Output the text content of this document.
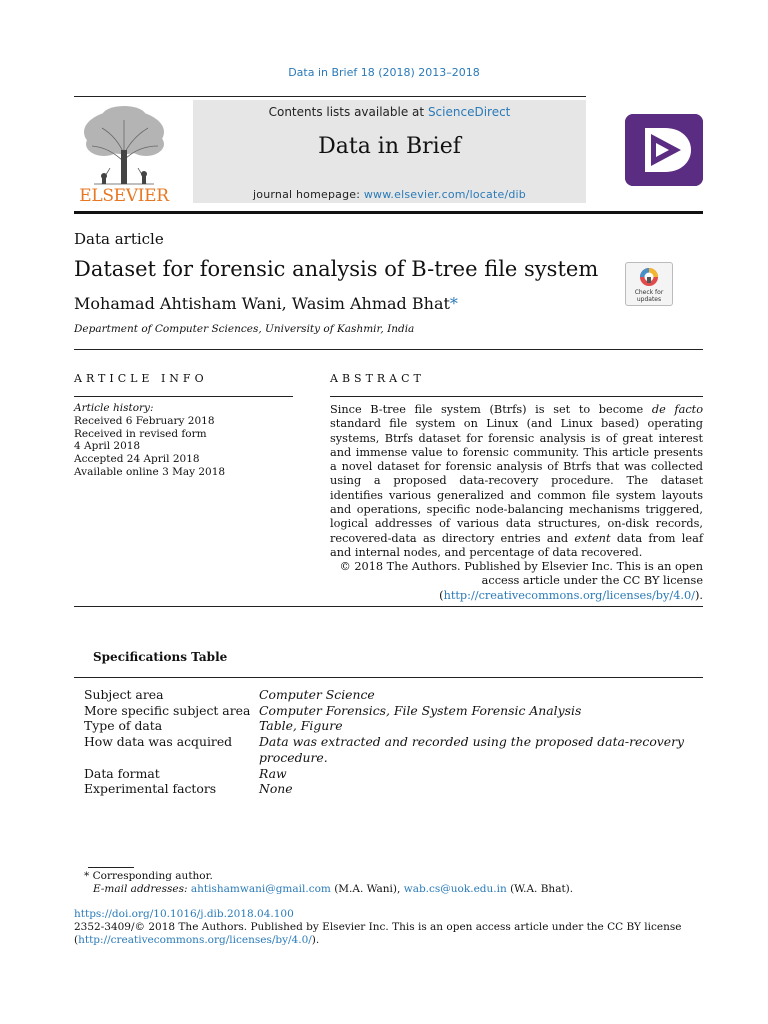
Data in Brief 18 (2018) 2013–2018
ELSEVIER
Contents lists available at ScienceDirect
Data in Brief
journal homepage: www.elsevier.com/locate/dib
Data article
Dataset for forensic analysis of B-tree file system
Check for
updates
Mohamad Ahtisham Wani, Wasim Ahmad Bhat*
Department of Computer Sciences, University of Kashmir, India
ARTICLE INFO
Article history:
Received 6 February 2018
Received in revised form
4 April 2018
Accepted 24 April 2018
Available online 3 May 2018
ABSTRACT
Since B-tree file system (Btrfs) is set to become de facto standard file system on Linux (and Linux based) operating systems, Btrfs dataset for forensic analysis is of great interest and immense value to forensic community. This article presents a novel dataset for forensic analysis of Btrfs that was collected using a proposed data-recovery procedure. The dataset identifies various generalized and common file system layouts and operations, specific node-balancing mechanisms triggered, logical addresses of various data structures, on-disk records, recovered-data as directory entries and extent data from leaf and internal nodes, and percentage of data recovered.
© 2018 The Authors. Published by Elsevier Inc. This is an open
access article under the CC BY license
(http://creativecommons.org/licenses/by/4.0/).
Specifications Table
Subject area	Computer Science
More specific subject area	Computer Forensics, File System Forensic Analysis
Type of data	Table, Figure
How data was acquired	Data was extracted and recorded using the proposed data-recovery procedure.
Data format	Raw
Experimental factors	None
* Corresponding author.
E-mail addresses: ahtishamwani@gmail.com (M.A. Wani), wab.cs@uok.edu.in (W.A. Bhat).
https://doi.org/10.1016/j.dib.2018.04.100
2352-3409/© 2018 The Authors. Published by Elsevier Inc. This is an open access article under the CC BY license
(http://creativecommons.org/licenses/by/4.0/).
